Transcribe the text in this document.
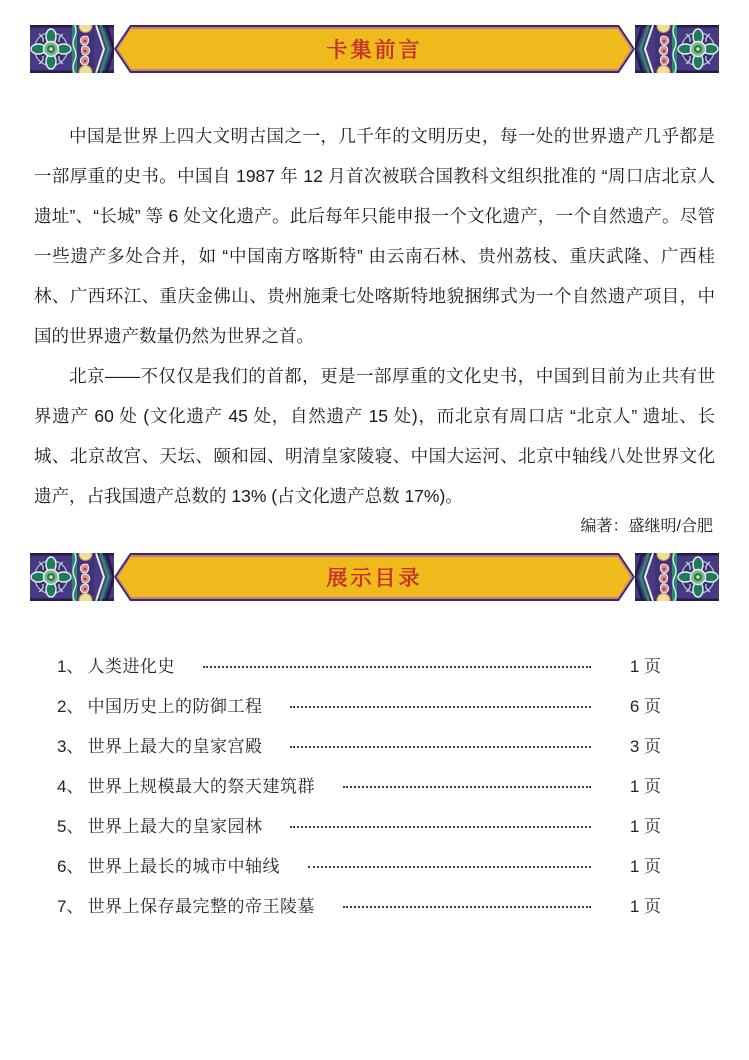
卡集前言

中国是世界上四大文明古国之一，几千年的文明历史，每一处的世界遗产几乎都是一部厚重的史书。中国自 1987 年 12 月首次被联合国教科文组织批准的 “周口店北京人遗址”、“长城” 等 6 处文化遗产。此后每年只能申报一个文化遗产，一个自然遗产。尽管一些遗产多处合并，如 “中国南方喀斯特” 由云南石林、贵州荔枝、重庆武隆、广西桂林、广西环江、重庆金佛山、贵州施秉七处喀斯特地貌捆绑式为一个自然遗产项目，中国的世界遗产数量仍然为世界之首。

北京——不仅仅是我们的首都，更是一部厚重的文化史书，中国到目前为止共有世界遗产 60 处 (文化遗产 45 处，自然遗产 15 处)，而北京有周口店 “北京人” 遗址、长城、北京故宫、天坛、颐和园、明清皇家陵寝、中国大运河、北京中轴线八处世界文化遗产，占我国遗产总数的 13% (占文化遗产总数 17%)。

编著：盛继明/合肥
展示目录
1、 人类进化史	1 页
2、 中国历史上的防御工程	6 页
3、 世界上最大的皇家宫殿	3 页
4、 世界上规模最大的祭天建筑群	1 页
5、 世界上最大的皇家园林	1 页
6、 世界上最长的城市中轴线	1 页
7、 世界上保存最完整的帝王陵墓	1 页
